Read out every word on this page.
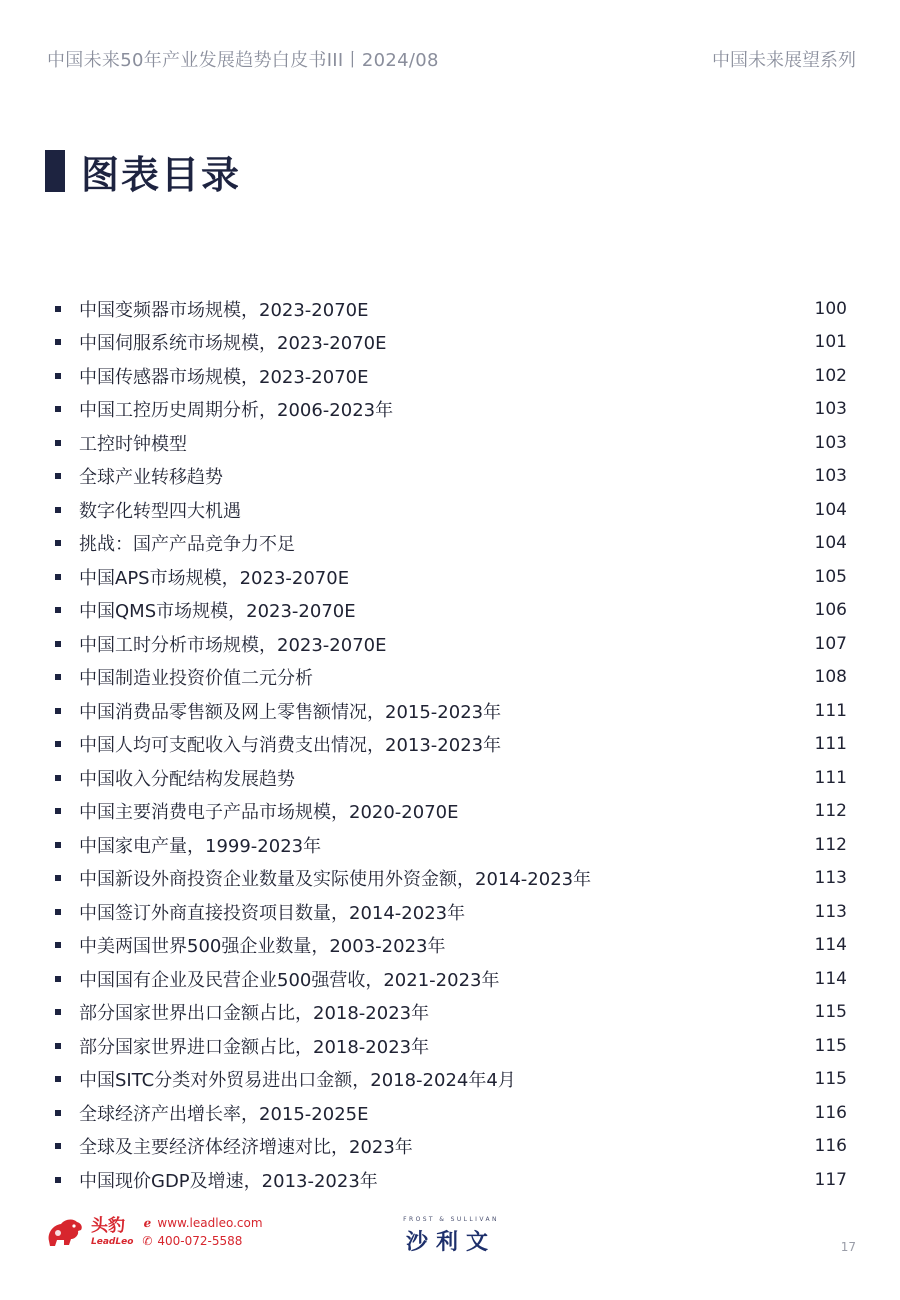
中国未来50年产业发展趋势白皮书III丨2024/08	中国未来展望系列
图表目录
中国变频器市场规模，2023-2070E	100
中国伺服系统市场规模，2023-2070E	101
中国传感器市场规模，2023-2070E	102
中国工控历史周期分析，2006-2023年	103
工控时钟模型	103
全球产业转移趋势	103
数字化转型四大机遇	104
挑战：国产产品竞争力不足	104
中国APS市场规模，2023-2070E	105
中国QMS市场规模，2023-2070E	106
中国工时分析市场规模，2023-2070E	107
中国制造业投资价值二元分析	108
中国消费品零售额及网上零售额情况，2015-2023年	111
中国人均可支配收入与消费支出情况，2013-2023年	111
中国收入分配结构发展趋势	111
中国主要消费电子产品市场规模，2020-2070E	112
中国家电产量，1999-2023年	112
中国新设外商投资企业数量及实际使用外资金额，2014-2023年	113
中国签订外商直接投资项目数量，2014-2023年	113
中美两国世界500强企业数量，2003-2023年	114
中国国有企业及民营企业500强营收，2021-2023年	114
部分国家世界出口金额占比，2018-2023年	115
部分国家世界进口金额占比，2018-2023年	115
中国SITC分类对外贸易进出口金额，2018-2024年4月	115
全球经济产出增长率，2015-2025E	116
全球及主要经济体经济增速对比，2023年	116
中国现价GDP及增速，2013-2023年	117
头豹
LeadLeo
ℯ www.leadleo.com
✆ 400-072-5588
FROST & SULLIVAN
沙利文	17
